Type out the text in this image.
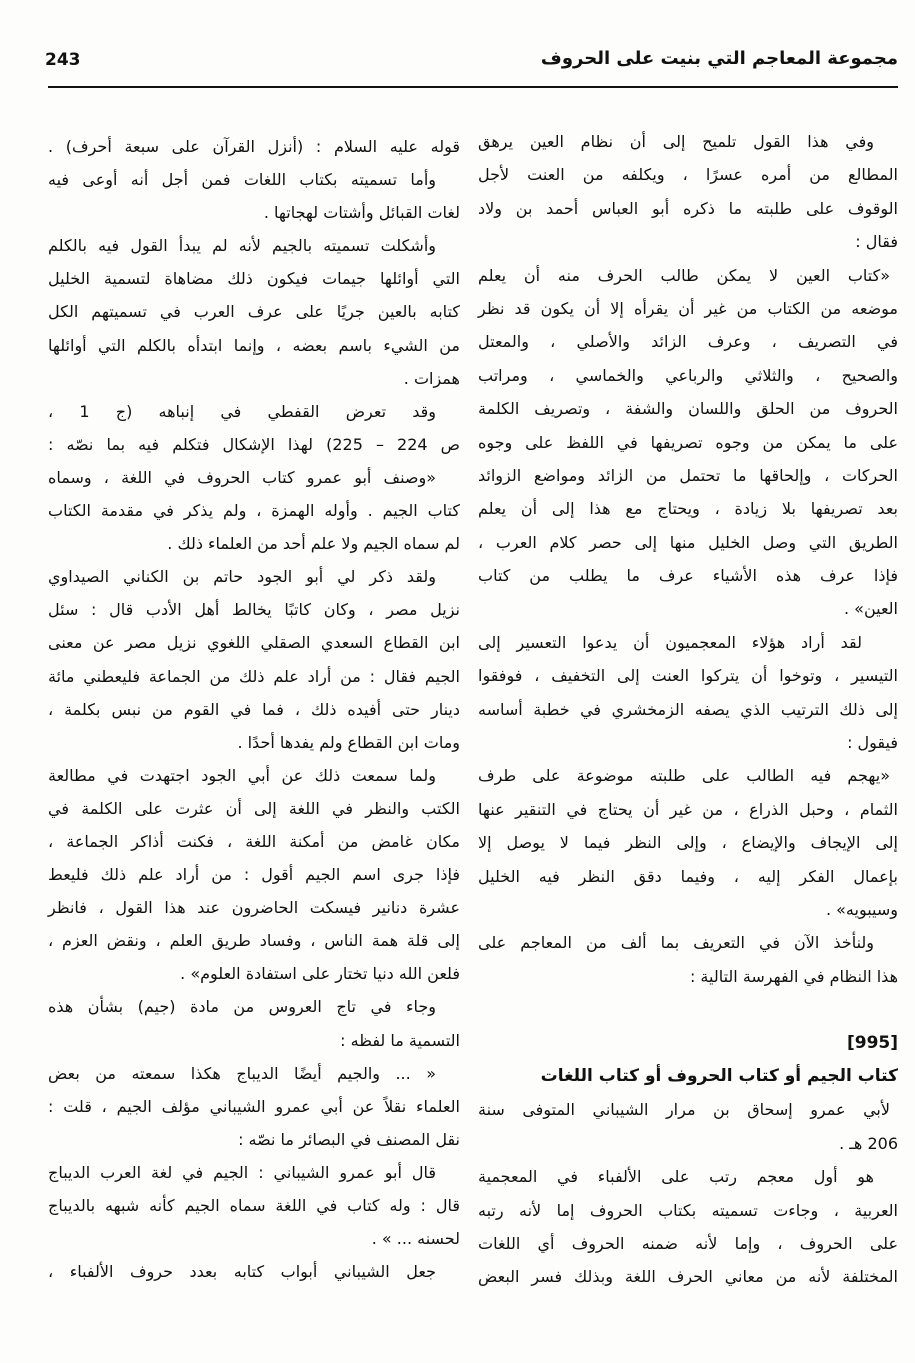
مجموعة المعاجم التي بنيت على الحروف
243
وفي هذا القول تلميح إلى أن نظام العين يرهق
المطالع من أمره عسرًا ، ويكلفه من العنت لأجل
الوقوف على طلبته ما ذكره أبو العباس أحمد بن ولاد
فقال :
«كتاب العين لا يمكن طالب الحرف منه أن يعلم
موضعه من الكتاب من غير أن يقرأه إلا أن يكون قد نظر
في التصريف ، وعرف الزائد والأصلي ، والمعتل
والصحيح ، والثلاثي والرباعي والخماسي ، ومراتب
الحروف من الحلق واللسان والشفة ، وتصريف الكلمة
على ما يمكن من وجوه تصريفها في اللفظ على وجوه
الحركات ، وإلحاقها ما تحتمل من الزائد ومواضع الزوائد
بعد تصريفها بلا زيادة ، ويحتاج مع هذا إلى أن يعلم
الطريق التي وصل الخليل منها إلى حصر كلام العرب ،
فإذا عرف هذه الأشياء عرف ما يطلب من كتاب
العين» .
لقد أراد هؤلاء المعجميون أن يدعوا التعسير إلى
التيسير ، وتوخوا أن يتركوا العنت إلى التخفيف ، فوفقوا
إلى ذلك الترتيب الذي يصفه الزمخشري في خطبة أساسه
فيقول :
«يهجم فيه الطالب على طلبته موضوعة على طرف
الثمام ، وحبل الذراع ، من غير أن يحتاج في التنقير عنها
إلى الإيجاف والإيضاع ، وإلى النظر فيما لا يوصل إلا
بإعمال الفكر إليه ، وفيما دقق النظر فيه الخليل
وسيبويه» .
ولنأخذ الآن في التعريف بما ألف من المعاجم على
هذا النظام في الفهرسة التالية :
[995]
كتاب الجيم أو كتاب الحروف أو كتاب اللغات
لأبي عمرو إسحاق بن مرار الشيباني المتوفى سنة
206 هـ .
هو أول معجم رتب على الألفباء في المعجمية
العربية ، وجاءت تسميته بكتاب الحروف إما لأنه رتبه
على الحروف ، وإما لأنه ضمنه الحروف أي اللغات
المختلفة لأنه من معاني الحرف اللغة وبذلك فسر البعض
قوله عليه السلام : (أنزل القرآن على سبعة أحرف) .
وأما تسميته بكتاب اللغات فمن أجل أنه أوعى فيه
لغات القبائل وأشتات لهجاتها .
وأشكلت تسميته بالجيم لأنه لم يبدأ القول فيه بالكلم
التي أوائلها جيمات فيكون ذلك مضاهاة لتسمية الخليل
كتابه بالعين جريًا على عرف العرب في تسميتهم الكل
من الشيء باسم بعضه ، وإنما ابتدأه بالكلم التي أوائلها
همزات .
وقد تعرض القفطي في إنباهه (ج 1 ،
ص 224 – 225) لهذا الإشكال فتكلم فيه بما نصّه :
«وصنف أبو عمرو كتاب الحروف في اللغة ، وسماه
كتاب الجيم . وأوله الهمزة ، ولم يذكر في مقدمة الكتاب
لم سماه الجيم ولا علم أحد من العلماء ذلك .
ولقد ذكر لي أبو الجود حاتم بن الكناني الصيداوي
نزيل مصر ، وكان كاتبًا يخالط أهل الأدب قال : سئل
ابن القطاع السعدي الصقلي اللغوي نزيل مصر عن معنى
الجيم فقال : من أراد علم ذلك من الجماعة فليعطني مائة
دينار حتى أفيده ذلك ، فما في القوم من نبس بكلمة ،
ومات ابن القطاع ولم يفدها أحدًا .
ولما سمعت ذلك عن أبي الجود اجتهدت في مطالعة
الكتب والنظر في اللغة إلى أن عثرت على الكلمة في
مكان غامض من أمكنة اللغة ، فكنت أذاكر الجماعة ،
فإذا جرى اسم الجيم أقول : من أراد علم ذلك فليعط
عشرة دنانير فيسكت الحاضرون عند هذا القول ، فانظر
إلى قلة همة الناس ، وفساد طريق العلم ، ونقض العزم ،
فلعن الله دنيا تختار على استفادة العلوم» .
وجاء في تاج العروس من مادة (جيم) بشأن هذه
التسمية ما لفظه :
« ... والجيم أيضًا الديباج هكذا سمعته من بعض
العلماء نقلاً عن أبي عمرو الشيباني مؤلف الجيم ، قلت :
نقل المصنف في البصائر ما نصّه :
قال أبو عمرو الشيباني : الجيم في لغة العرب الديباج
قال : وله كتاب في اللغة سماه الجيم كأنه شبهه بالديباج
لحسنه ... » .
جعل الشيباني أبواب كتابه بعدد حروف الألفباء ،
